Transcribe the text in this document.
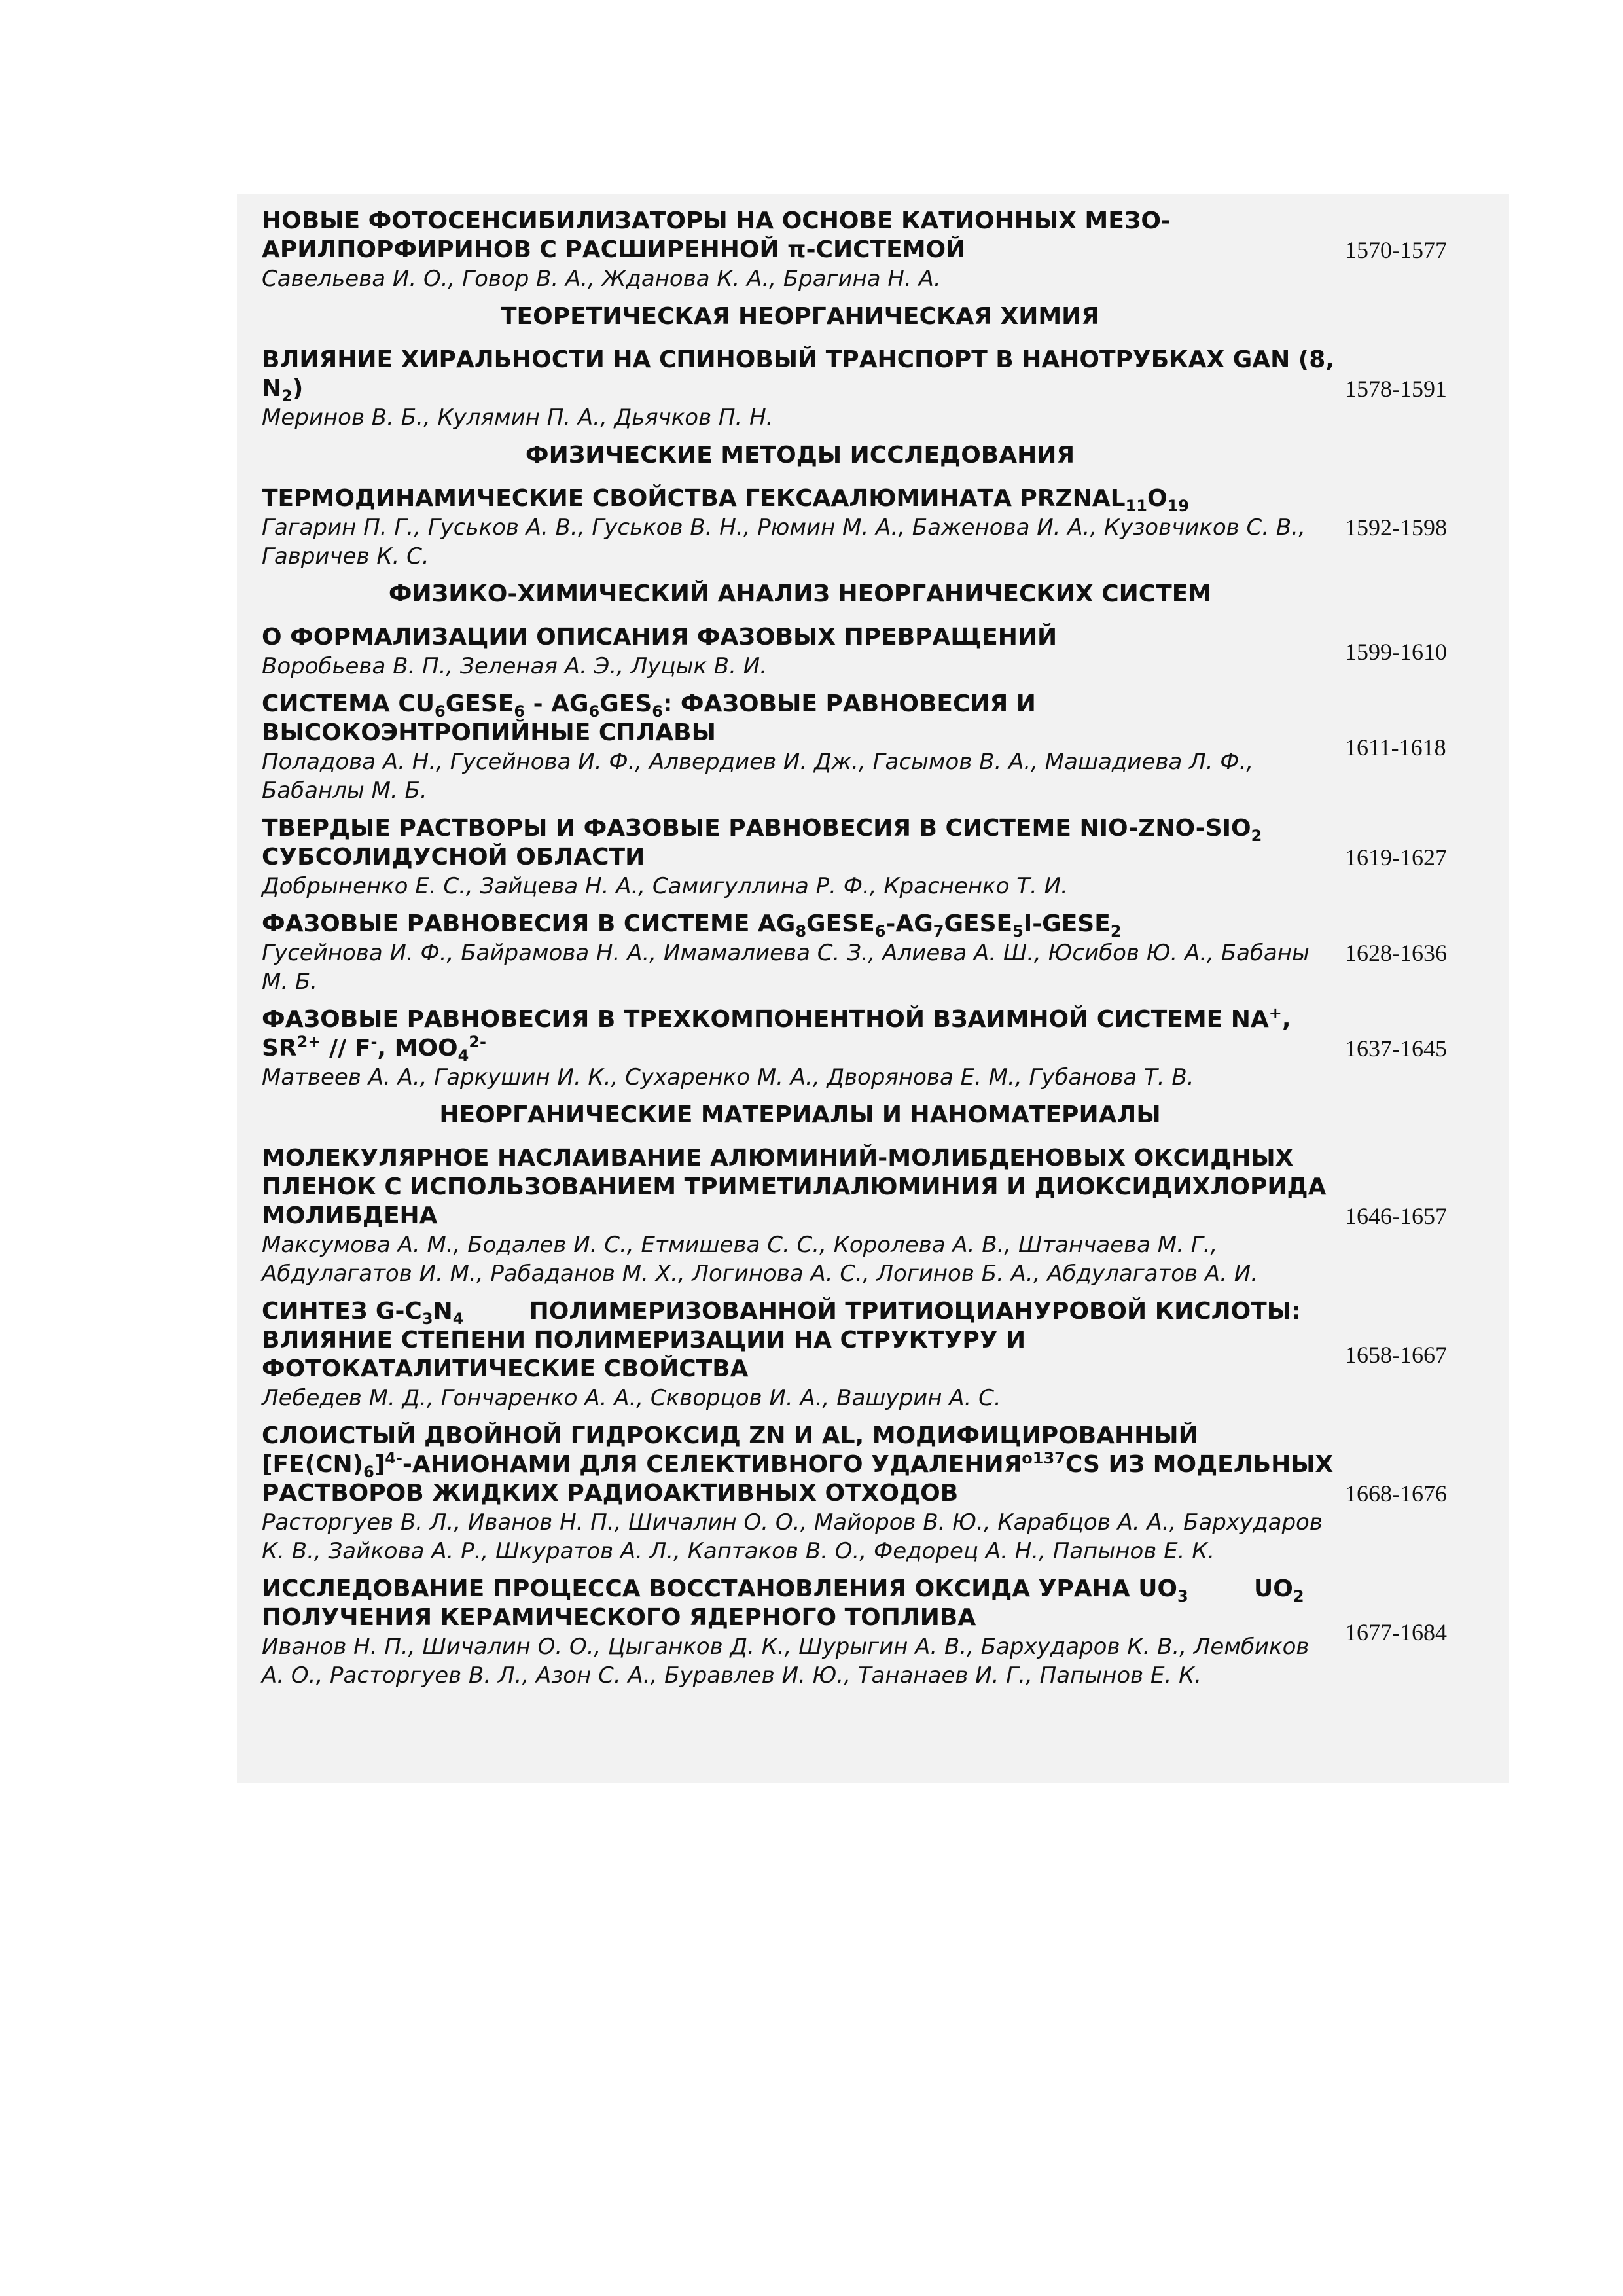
НОВЫЕ ФОТОСЕНСИБИЛИЗАТОРЫ НА ОСНОВЕ КАТИОННЫХ МЕЗО-АРИЛПОРФИРИНОВ С РАСШИРЕННОЙ π-СИСТЕМОЙ
Савельева И. О., Говор В. А., Жданова К. А., Брагина Н. А.
1570-1577
ТЕОРЕТИЧЕСКАЯ НЕОРГАНИЧЕСКАЯ ХИМИЯ
ВЛИЯНИЕ ХИРАЛЬНОСТИ НА СПИНОВЫЙ ТРАНСПОРТ В НАНОТРУБКАХ GAN (8, $N_2$)
Меринов В. Б., Кулямин П. А., Дьячков П. Н.
1578-1591
ФИЗИЧЕСКИЕ МЕТОДЫ ИССЛЕДОВАНИЯ
ТЕРМОДИНАМИЧЕСКИЕ СВОЙСТВА ГЕКСААЛЮМИНАТА $PRZNAL_{11}O_{19}$
Гагарин П. Г., Гуськов А. В., Гуськов В. Н., Рюмин М. А., Баженова И. А., Кузовчиков С. В., Гавричев К. С.
1592-1598
ФИЗИКО-ХИМИЧЕСКИЙ АНАЛИЗ НЕОРГАНИЧЕСКИХ СИСТЕМ
О ФОРМАЛИЗАЦИИ ОПИСАНИЯ ФАЗОВЫХ ПРЕВРАЩЕНИЙ
Воробьева В. П., Зеленая А. Э., Луцык В. И.
1599-1610
СИСТЕМА $CU_6GESE_6 - AG_6GES_6$: ФАЗОВЫЕ РАВНОВЕСИЯ И ВЫСОКОЭНТРОПИЙНЫЕ СПЛАВЫ
Поладова А. Н., Гусейнова И. Ф., Алвердиев И. Дж., Гасымов В. А., Машадиева Л. Ф., Бабанлы М. Б.
1611-1618
ТВЕРДЫЕ РАСТВОРЫ И ФАЗОВЫЕ РАВНОВЕСИЯ В СИСТЕМЕ NIO-$ZNO-SIO_2$ СУБСОЛИДУСНОЙ ОБЛАСТИ
Добрыненко Е. С., Зайцева Н. А., Самигуллина Р. Ф., Красненко Т. И.
1619-1627
ФАЗОВЫЕ РАВНОВЕСИЯ В СИСТЕМЕ $AG_8GESE_6-AG_7GESE_5I-GESE_2$
Гусейнова И. Ф., Байрамова Н. А., Имамалиева С. З., Алиева А. Ш., Юсибов Ю. А., Бабаны М. Б.
1628-1636
ФАЗОВЫЕ РАВНОВЕСИЯ В ТРЕХКОМПОНЕНТНОЙ ВЗАИМНОЙ СИСТЕМЕ NA+, $SR^{2+} // F^-$, $MOO_4^{2-}$
Матвеев А. А., Гаркушин И. К., Сухаренко М. А., Дворянова Е. М., Губанова Т. В.
1637-1645
НЕОРГАНИЧЕСКИЕ МАТЕРИАЛЫ И НАНОМАТЕРИАЛЫ
МОЛЕКУЛЯРНОЕ НАСЛАИВАНИЕ АЛЮМИНИЙ-МОЛИБДЕНОВЫХ ОКСИДНЫХ ПЛЕНОК С ИСПОЛЬЗОВАНИЕМ ТРИМЕТИЛАЛЮМИНИЯ И ДИОКСИДИХЛОРИДА МОЛИБДЕНА
Максумова А. М., Бодалев И. С., Етмишева С. С., Королева А. В., Штанчаева М. Г., Абдулагатов И. М., Рабаданов М. Х., Логинова А. С., Логинов Б. А., Абдулагатов А. И.
1646-1657
СИНТЕЗ $G-C_3N_4$        ПОЛИМЕРИЗОВАННОЙ ТРИТИОЦИАНУРОВОЙ КИСЛОТЫ: ВЛИЯНИЕ СТЕПЕНИ ПОЛИМЕРИЗАЦИИ НА СТРУКТУРУ И ФОТОКАТАЛИТИЧЕСКИЕ СВОЙСТВА
Лебедев М. Д., Гончаренко А. А., Скворцов И. А., Вашурин А. С.
1658-1667
СЛОИСТЫЙ ДВОЙНОЙ ГИДРОКСИД ZN И AL, МОДИФИЦИРОВАННЫЙ $[FE(CN)_6]^{4-}$-АНИОНАМИ ДЛЯ СЕЛЕКТИВНОГО $УДАЛЕНИЯ^{о137}CS$ ИЗ МОДЕЛЬНЫХ РАСТВОРОВ ЖИДКИХ РАДИОАКТИВНЫХ ОТХОДОВ
Расторгуев В. Л., Иванов Н. П., Шичалин О. О., Майоров В. Ю., Карабцов А. А., Бархударов К. В., Зайкова А. Р., Шкуратов А. Л., Каптаков В. О., Федорец А. Н., Папынов Е. К.
1668-1676
ИССЛЕДОВАНИЕ ПРОЦЕССА ВОССТАНОВЛЕНИЯ ОКСИДА УРАНА $UO_3$        $UO_2$ ПОЛУЧЕНИЯ КЕРАМИЧЕСКОГО ЯДЕРНОГО ТОПЛИВА
Иванов Н. П., Шичалин О. О., Цыганков Д. К., Шурыгин А. В., Бархударов К. В., Лембиков А. О., Расторгуев В. Л., Азон С. А., Буравлев И. Ю., Тананаев И. Г., Папынов Е. К.
1677-1684
